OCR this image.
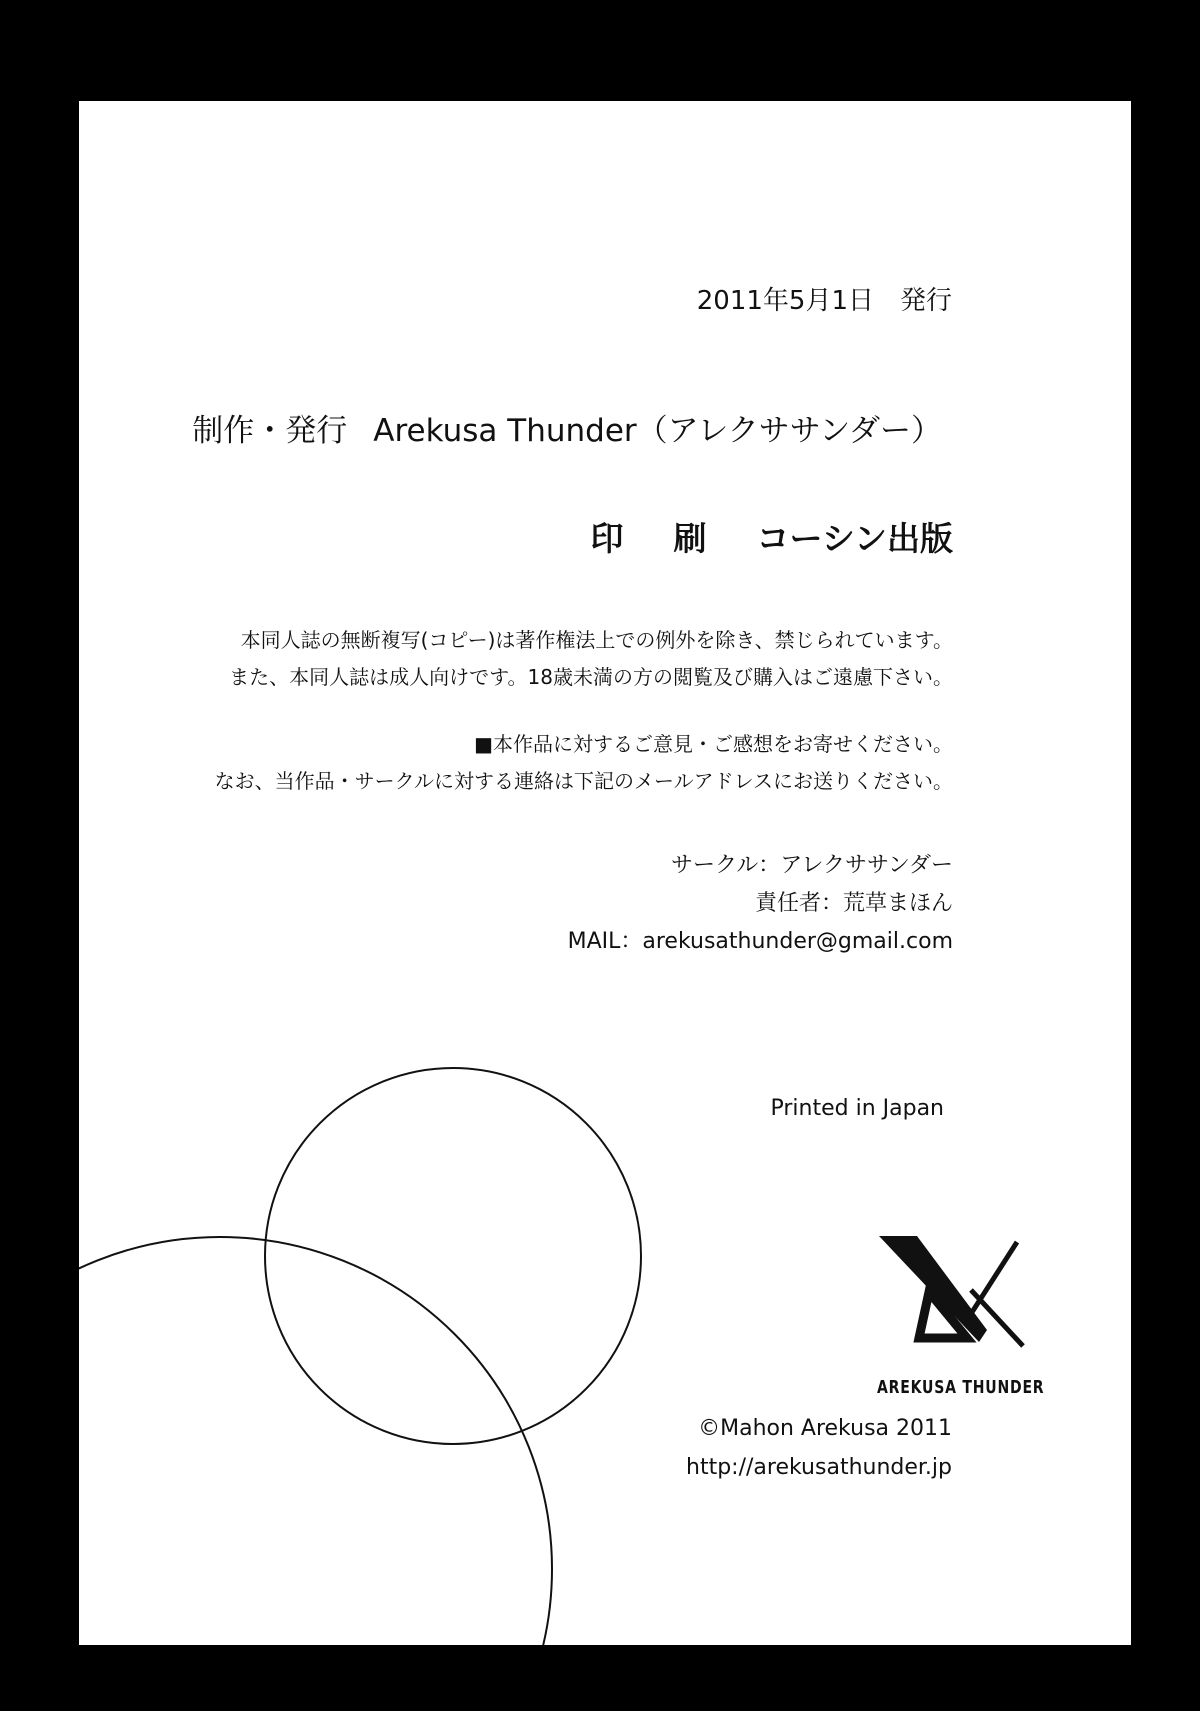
2011年5月1日　発行
制作・発行 Arekusa Thunder（アレクササンダー）
印刷コーシン出版
本同人誌の無断複写(コピー)は著作権法上での例外を除き、禁じられています。
また、本同人誌は成人向けです。18歳未満の方の閲覧及び購入はご遠慮下さい。
■本作品に対するご意見・ご感想をお寄せください。
なお、当作品・サークルに対する連絡は下記のメールアドレスにお送りください。
サークル：アレクササンダー
責任者：荒草まほん
MAIL：arekusathunder@gmail.com
Printed in Japan
AREKUSA THUNDER
©Mahon Arekusa 2011
http://arekusathunder.jp
